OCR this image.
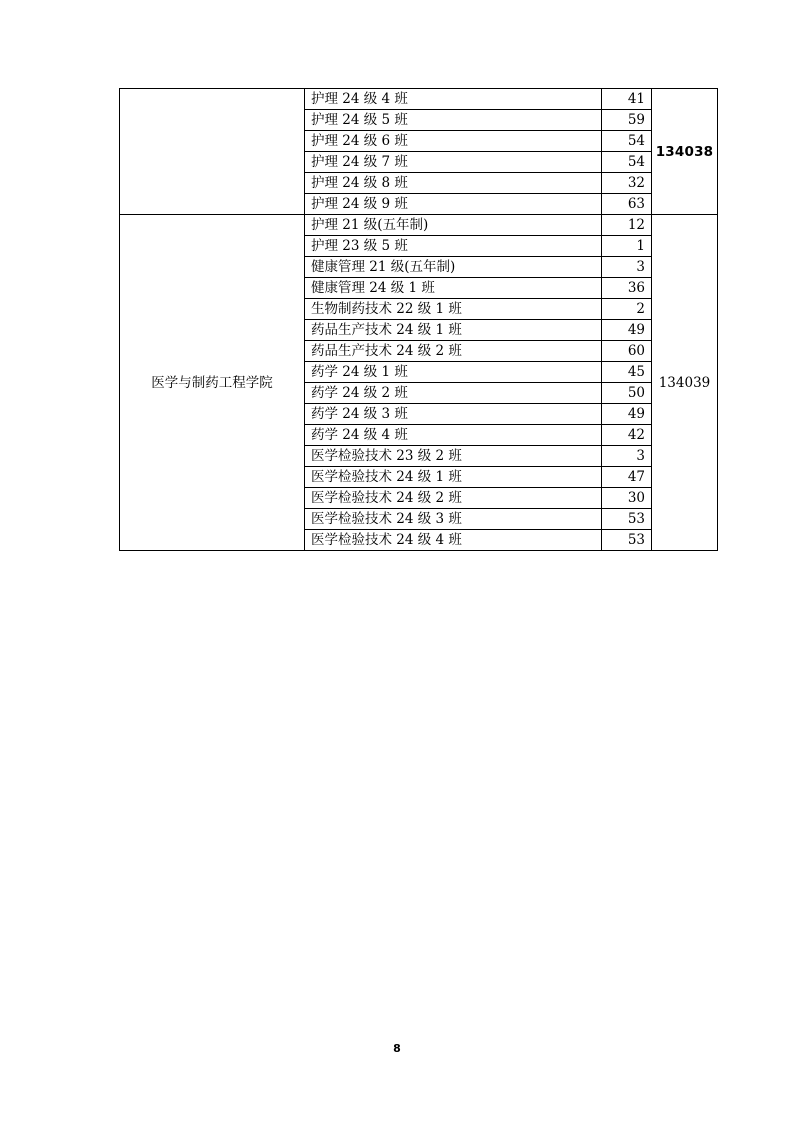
	护理 24 级 4 班	41	134038
	护理 24 级 5 班	59	
	护理 24 级 6 班	54	
	护理 24 级 7 班	54	
	护理 24 级 8 班	32	
	护理 24 级 9 班	63	
医学与制药工程学院	护理 21 级(五年制)	12	134039
	护理 23 级 5 班	1	
	健康管理 21 级(五年制)	3	
	健康管理 24 级 1 班	36	
	生物制药技术 22 级 1 班	2	
	药品生产技术 24 级 1 班	49	
	药品生产技术 24 级 2 班	60	
	药学 24 级 1 班	45	
	药学 24 级 2 班	50	
	药学 24 级 3 班	49	
	药学 24 级 4 班	42	
	医学检验技术 23 级 2 班	3	
	医学检验技术 24 级 1 班	47	
	医学检验技术 24 级 2 班	30	
	医学检验技术 24 级 3 班	53	
	医学检验技术 24 级 4 班	53	
8
